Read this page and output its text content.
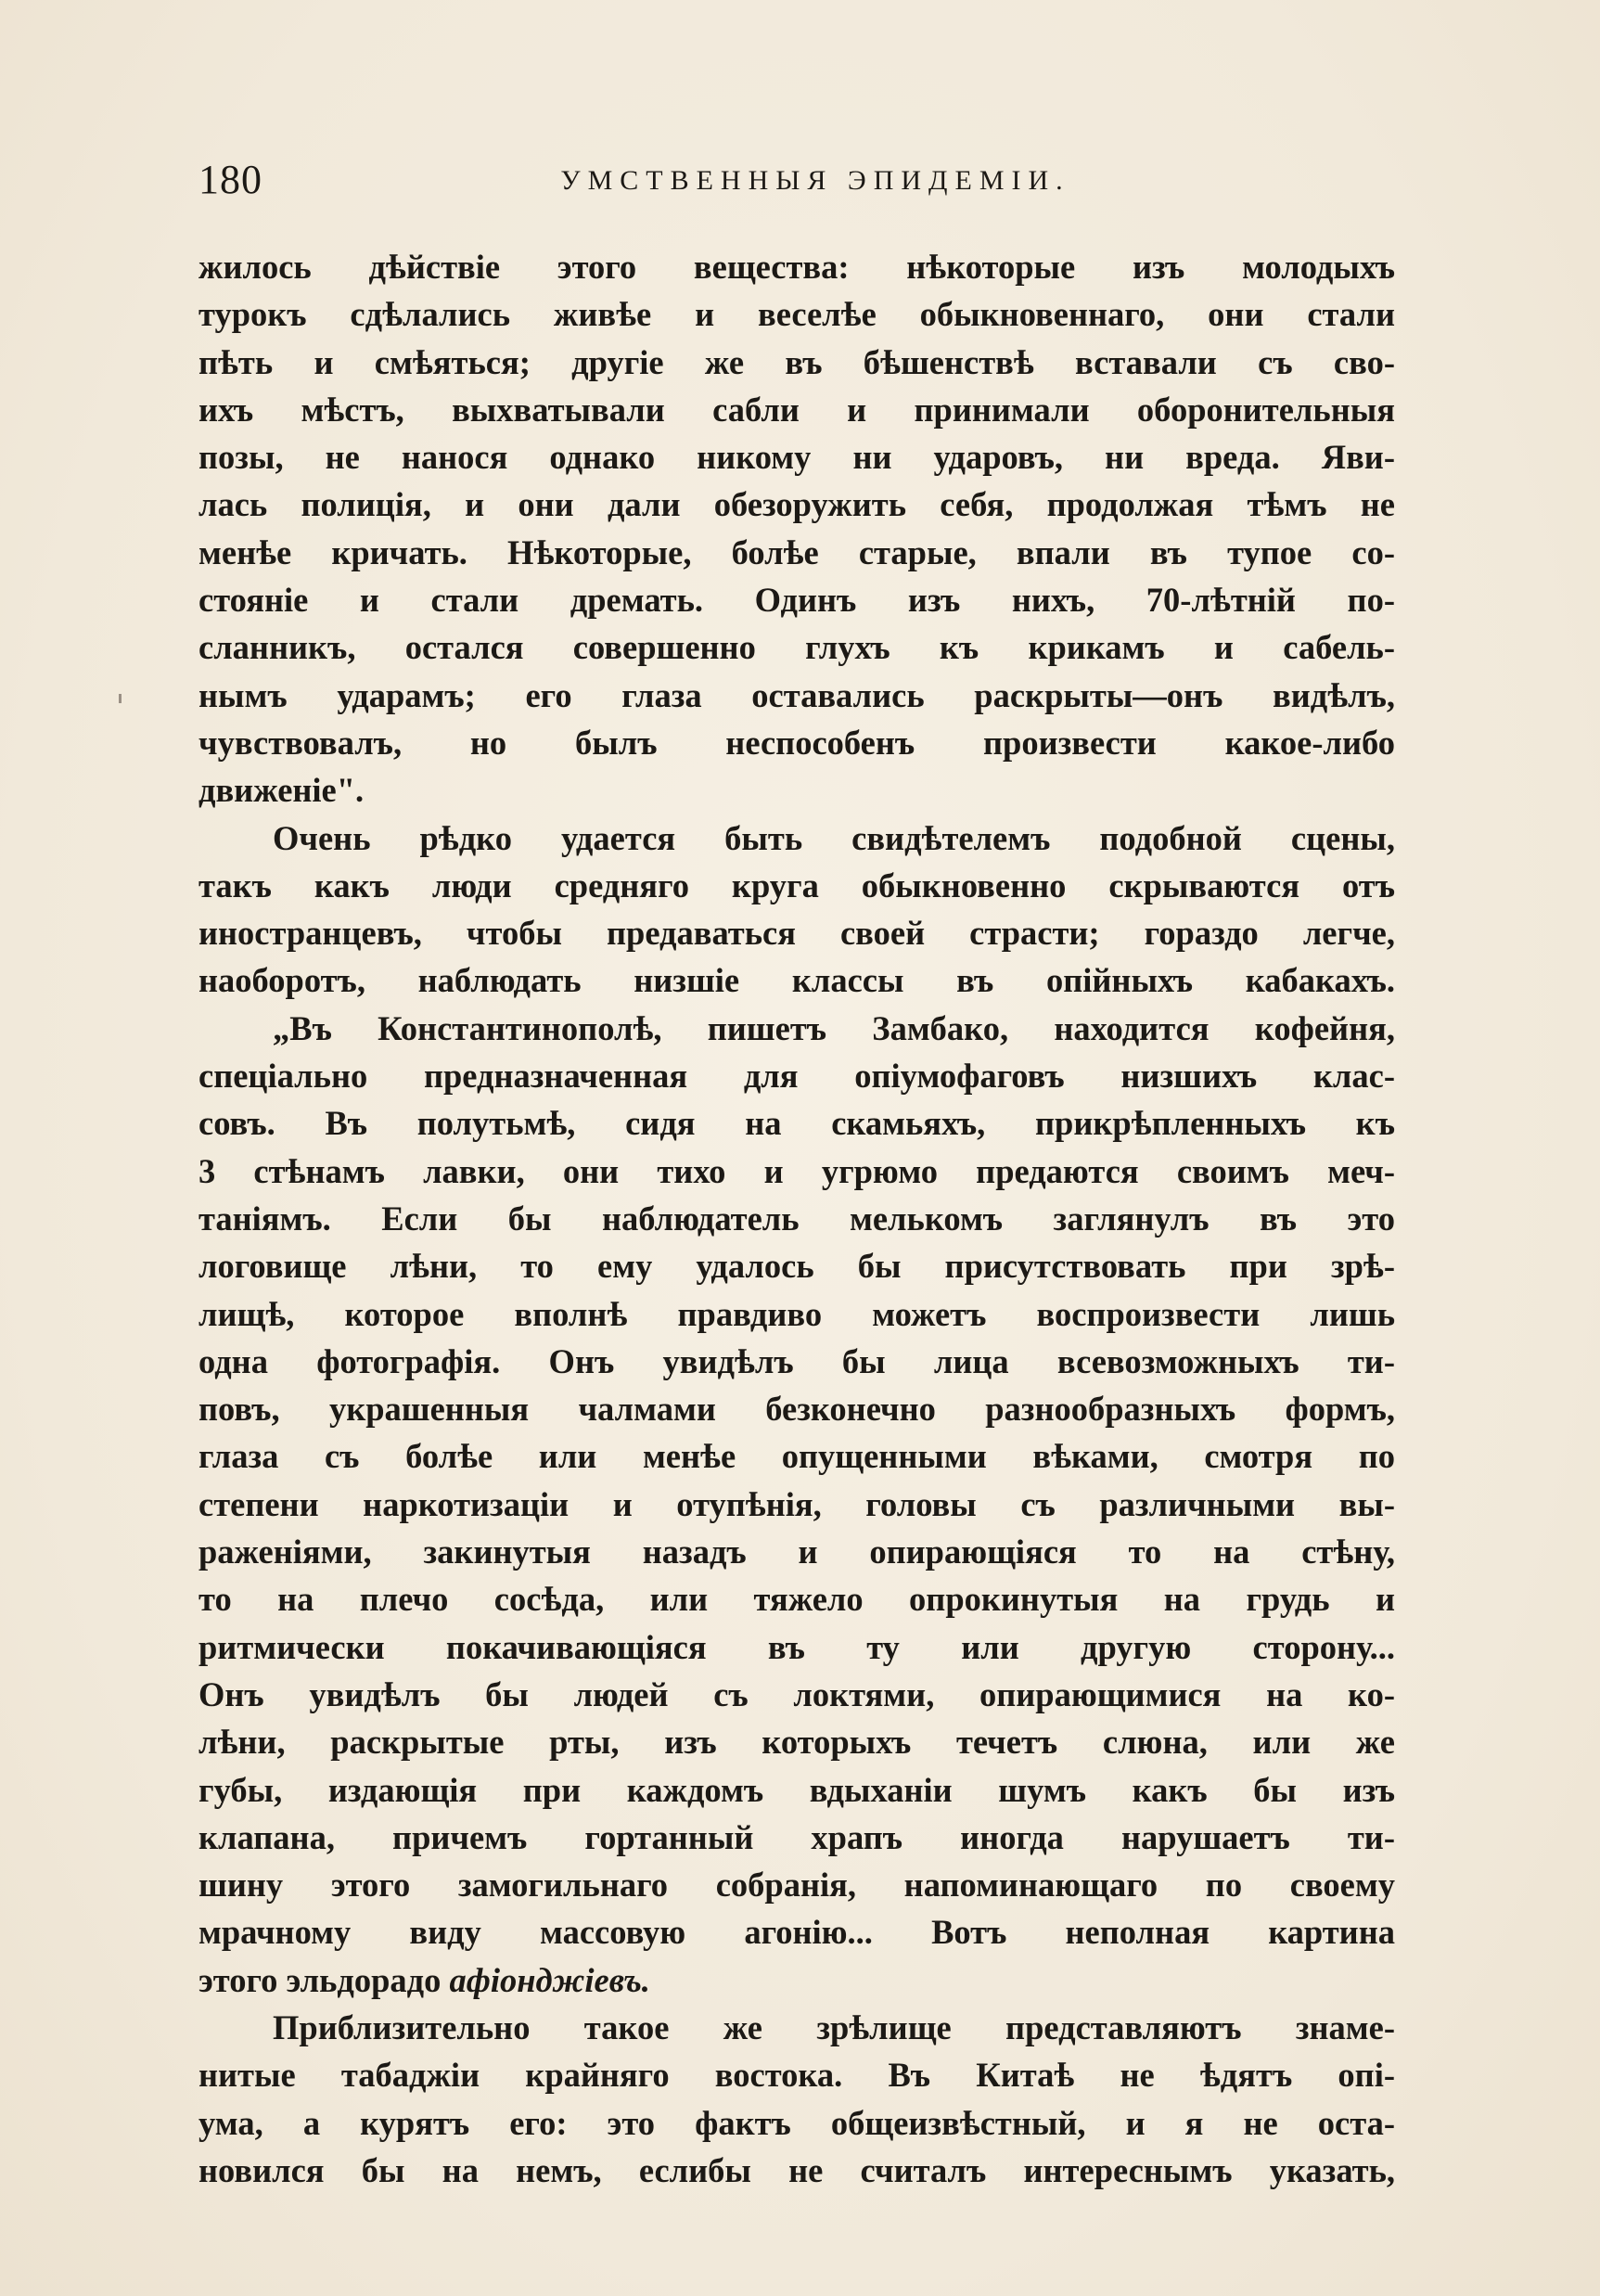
180	УМСТВЕННЫЯ ЭПИДЕМIИ.

жилось дѣйствіе этого вещества: нѣкоторые изъ молодыхъ
турокъ сдѣлались живѣе и веселѣе обыкновеннаго, они стали
пѣть и смѣяться; другіе же въ бѣшенствѣ вставали съ сво-
ихъ мѣстъ, выхватывали сабли и принимали оборонительныя
позы, не нанося однако никому ни ударовъ, ни вреда. Яви-
лась полиція, и они дали обезоружить себя, продолжая тѣмъ не
менѣе кричать. Нѣкоторые, болѣе старые, впали въ тупое со-
стояніе и стали дремать. Одинъ изъ нихъ, 70-лѣтній по-
сланникъ, остался совершенно глухъ къ крикамъ и сабель-
нымъ ударамъ; его глаза оставались раскрыты—онъ видѣлъ,
чувствовалъ, но былъ неспособенъ произвести какое-либо
движеніе".

Очень рѣдко удается быть свидѣтелемъ подобной сцены,
такъ какъ люди средняго круга обыкновенно скрываются отъ
иностранцевъ, чтобы предаваться своей страсти; гораздо легче,
наоборотъ, наблюдать низшіе классы въ опійныхъ кабакахъ.

„Въ Константинополѣ, пишетъ Замбако, находится кофейня,
спеціально предназначенная для опіумофаговъ низшихъ клас-
совъ. Въ полутьмѣ, сидя на скамьяхъ, прикрѣпленныхъ къ
3 стѣнамъ лавки, они тихо и угрюмо предаются своимъ меч-
таніямъ. Если бы наблюдатель мелькомъ заглянулъ въ это
логовище лѣни, то ему удалось бы присутствовать при зрѣ-
лищѣ, которое вполнѣ правдиво можетъ воспроизвести лишь
одна фотографія. Онъ увидѣлъ бы лица всевозможныхъ ти-
повъ, украшенныя чалмами безконечно разнообразныхъ формъ,
глаза съ болѣе или менѣе опущенными вѣками, смотря по
степени наркотизаціи и отупѣнія, головы съ различными вы-
раженіями, закинутыя назадъ и опирающіяся то на стѣну,
то на плечо сосѣда, или тяжело опрокинутыя на грудь и
ритмически покачивающіяся въ ту или другую сторону...
Онъ увидѣлъ бы людей съ локтями, опирающимися на ко-
лѣни, раскрытые рты, изъ которыхъ течетъ слюна, или же
губы, издающія при каждомъ вдыханіи шумъ какъ бы изъ
клапана, причемъ гортанный храпъ иногда нарушаетъ ти-
шину этого замогильнаго собранія, напоминающаго по своему
мрачному виду массовую агонію... Вотъ неполная картина
этого эльдорадо афіонджіевъ.

Приблизительно такое же зрѣлище представляютъ знаме-
нитые табаджіи крайняго востока. Въ Китаѣ не ѣдятъ опі-
ума, а курятъ его: это фактъ общеизвѣстный, и я не оста-
новился бы на немъ, еслибы не считалъ интереснымъ указать,
